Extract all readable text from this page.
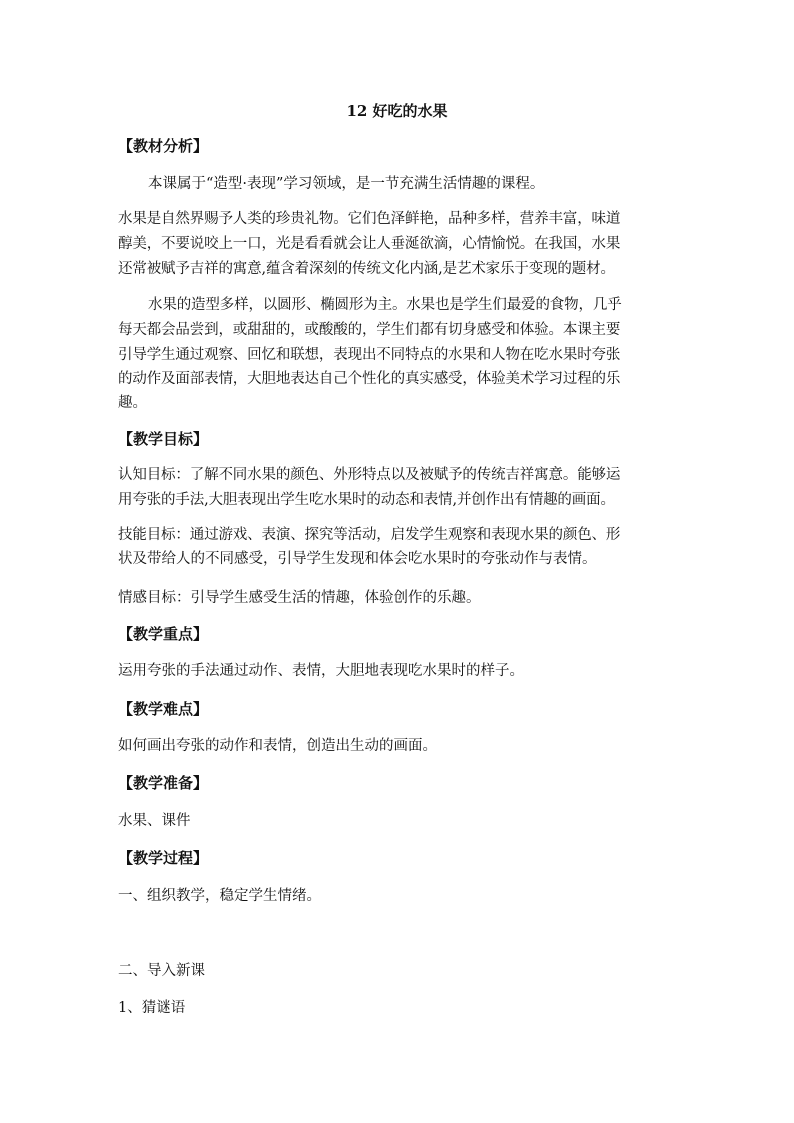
12 好吃的水果
【教材分析】
本课属于“造型·表现”学习领域，是一节充满生活情趣的课程。
水果是自然界赐予人类的珍贵礼物。它们色泽鲜艳，品种多样，营养丰富，味道
醇美，不要说咬上一口，光是看看就会让人垂涎欲滴，心情愉悦。在我国，水果
还常被赋予吉祥的寓意,蕴含着深刻的传统文化内涵,是艺术家乐于变现的题材。
水果的造型多样，以圆形、椭圆形为主。水果也是学生们最爱的食物，几乎
每天都会品尝到，或甜甜的，或酸酸的，学生们都有切身感受和体验。本课主要
引导学生通过观察、回忆和联想，表现出不同特点的水果和人物在吃水果时夸张
的动作及面部表情，大胆地表达自己个性化的真实感受，体验美术学习过程的乐
趣。
【教学目标】
认知目标：了解不同水果的颜色、外形特点以及被赋予的传统吉祥寓意。能够运
用夸张的手法,大胆表现出学生吃水果时的动态和表情,并创作出有情趣的画面。
技能目标：通过游戏、表演、探究等活动，启发学生观察和表现水果的颜色、形
状及带给人的不同感受，引导学生发现和体会吃水果时的夸张动作与表情。
情感目标：引导学生感受生活的情趣，体验创作的乐趣。
【教学重点】
运用夸张的手法通过动作、表情，大胆地表现吃水果时的样子。
【教学难点】
如何画出夸张的动作和表情，创造出生动的画面。
【教学准备】
水果、课件
【教学过程】
一、组织教学，稳定学生情绪。
二、导入新课
1、猜谜语
